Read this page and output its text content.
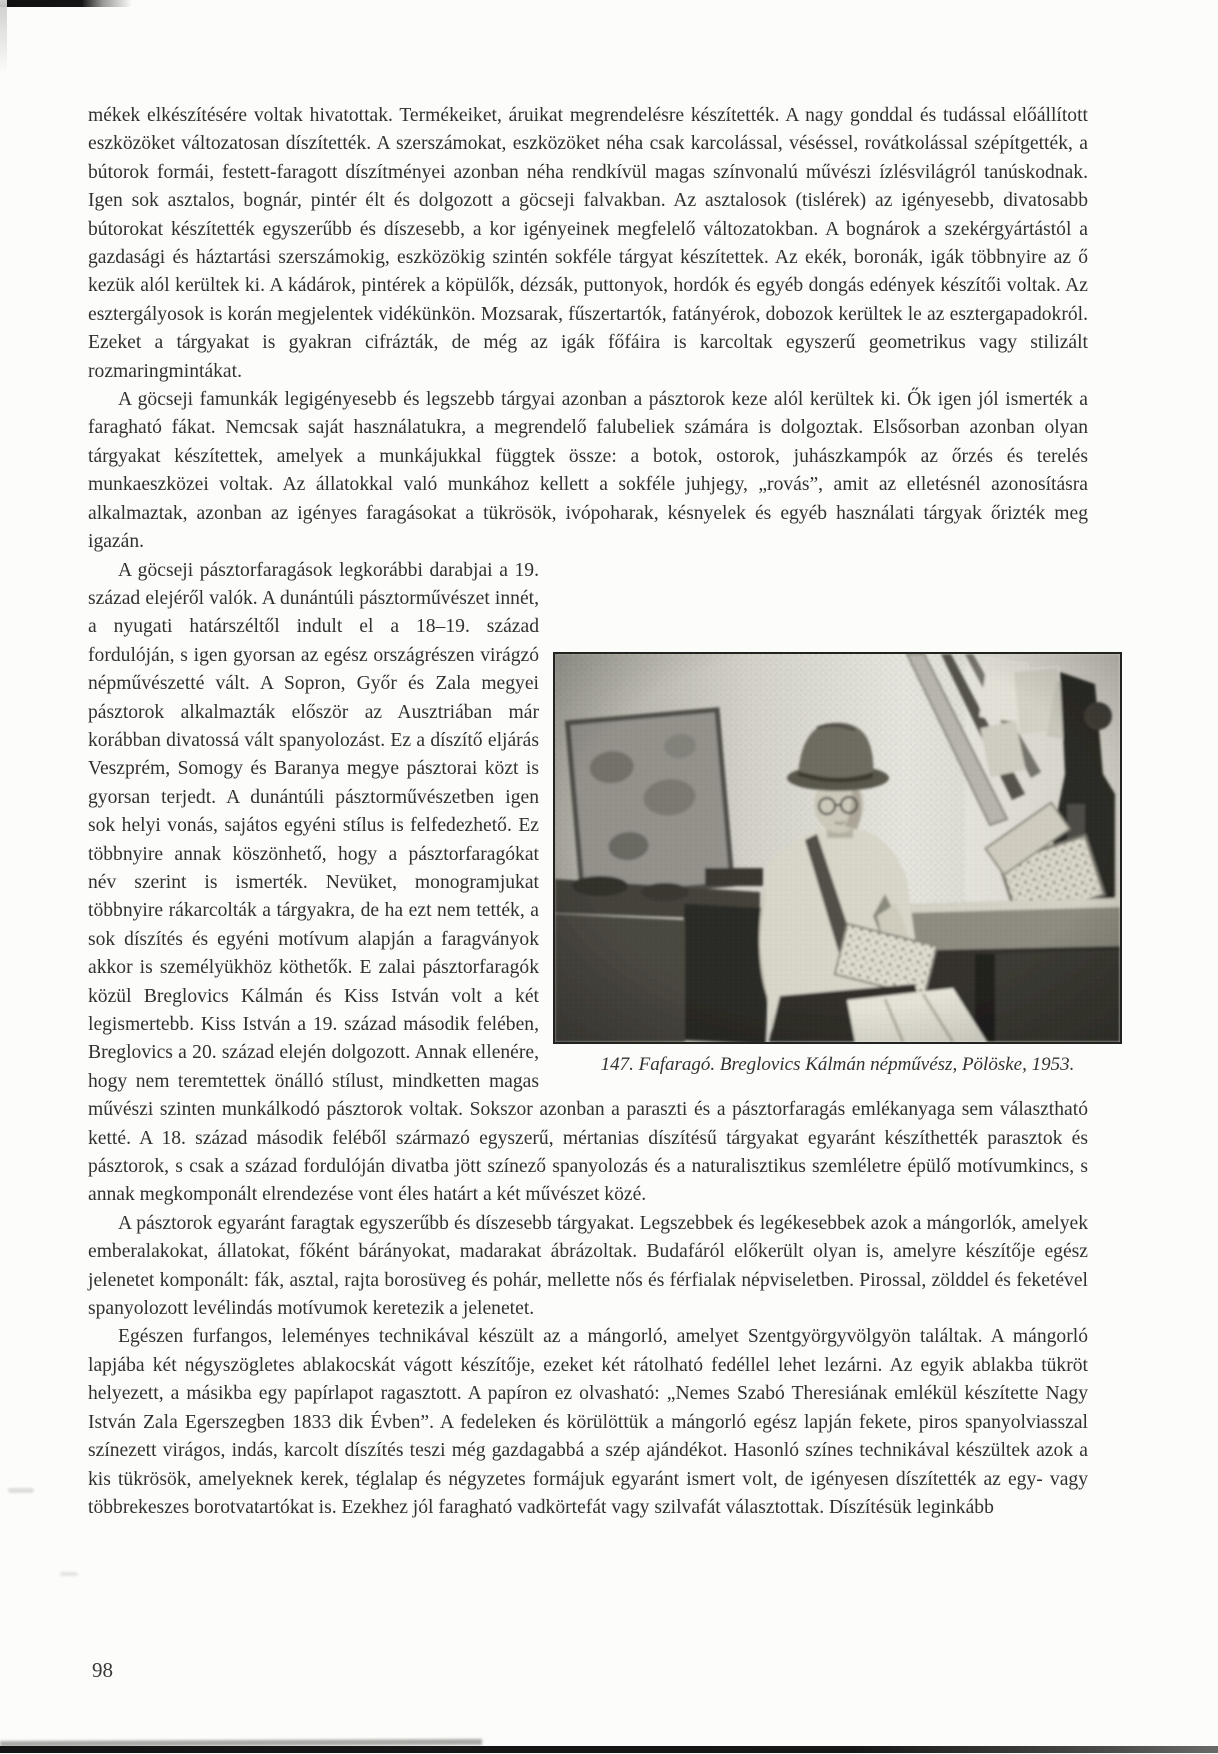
mékek elkészítésére voltak hivatottak. Termékeiket, áruikat megrendelésre készítették. A nagy gonddal és tudással előállított eszközöket változatosan díszítették. A szerszámokat, eszközöket néha csak karcolással, véséssel, rovátkolással szépítgették, a bútorok formái, festett-faragott díszítményei azonban néha rendkívül magas színvonalú művészi ízlésvilágról tanúskodnak. Igen sok asztalos, bognár, pintér élt és dolgozott a göcseji falvakban. Az asztalosok (tislérek) az igényesebb, divatosabb bútorokat készítették egyszerűbb és díszesebb, a kor igényeinek megfelelő változatokban. A bognárok a szekérgyártástól a gazdasági és háztartási szerszámokig, eszközökig szintén sokféle tárgyat készítettek. Az ekék, boronák, igák többnyire az ő kezük alól kerültek ki. A kádárok, pintérek a köpülők, dézsák, puttonyok, hordók és egyéb dongás edények készítői voltak. Az esztergályosok is korán megjelentek vidékünkön. Mozsarak, fűszertartók, fatányérok, dobozok kerültek le az esztergapadokról. Ezeket a tárgyakat is gyakran cifrázták, de még az igák főfáira is karcoltak egyszerű geometrikus vagy stilizált rozmaringmintákat.

A göcseji famunkák legigényesebb és legszebb tárgyai azonban a pásztorok keze alól kerültek ki. Ők igen jól ismerték a faragható fákat. Nemcsak saját használatukra, a megrendelő falubeliek számára is dolgoztak. Elsősorban azonban olyan tárgyakat készítettek, amelyek a munkájukkal függtek össze: a botok, ostorok, juhászkampók az őrzés és terelés munkaeszközei voltak. Az állatokkal való munkához kellett a sokféle juhjegy, „rovás”, amit az elletésnél azonosításra alkalmaztak, azonban az igényes faragásokat a tükrösök, ivópoharak, késnyelek és egyéb használati tárgyak őrizték meg igazán.

147. Fafaragó. Breglovics Kálmán népművész, Pölöske, 1953.

A göcseji pásztorfaragások legkorábbi darabjai a 19. század elejéről valók. A dunántúli pásztorművészet innét, a nyugati határszéltől indult el a 18–19. század fordulóján, s igen gyorsan az egész országrészen virágzó népművészetté vált. A Sopron, Győr és Zala megyei pásztorok alkalmazták először az Ausztriában már korábban divatossá vált spanyolozást. Ez a díszítő eljárás Veszprém, Somogy és Baranya megye pásztorai közt is gyorsan terjedt. A dunántúli pásztorművészetben igen sok helyi vonás, sajátos egyéni stílus is felfedezhető. Ez többnyire annak köszönhető, hogy a pásztorfaragókat név szerint is ismerték. Nevüket, monogramjukat többnyire rákarcolták a tárgyakra, de ha ezt nem tették, a sok díszítés és egyéni motívum alapján a faragványok akkor is személyükhöz köthetők. E zalai pásztorfaragók közül Breglovics Kálmán és Kiss István volt a két legismertebb. Kiss István a 19. század második felében, Breglovics a 20. század elején dolgozott. Annak ellenére, hogy nem teremtettek önálló stílust, mindketten magas művészi szinten munkálkodó pásztorok voltak. Sokszor azonban a paraszti és a pásztorfaragás emlékanyaga sem választható ketté. A 18. század második feléből származó egyszerű, mértanias díszítésű tárgyakat egyaránt készíthették parasztok és pásztorok, s csak a század fordulóján divatba jött színező spanyolozás és a naturalisztikus szemléletre épülő motívumkincs, s annak megkomponált elrendezése vont éles határt a két művészet közé.

A pásztorok egyaránt faragtak egyszerűbb és díszesebb tárgyakat. Legszebbek és legékesebbek azok a mángorlók, amelyek emberalakokat, állatokat, főként bárányokat, madarakat ábrázoltak. Budafáról előkerült olyan is, amelyre készítője egész jelenetet komponált: fák, asztal, rajta borosüveg és pohár, mellette nős és férfialak népviseletben. Pirossal, zölddel és feketével spanyolozott levélindás motívumok keretezik a jelenetet.

Egészen furfangos, leleményes technikával készült az a mángorló, amelyet Szentgyörgyvölgyön találtak. A mángorló lapjába két négyszögletes ablakocskát vágott készítője, ezeket két rátolható fedéllel lehet lezárni. Az egyik ablakba tükröt helyezett, a másikba egy papírlapot ragasztott. A papíron ez olvasható: „Nemes Szabó Theresiának emlékül készítette Nagy István Zala Egerszegben 1833 dik Évben”. A fedeleken és körülöttük a mángorló egész lapján fekete, piros spanyolviasszal színezett virágos, indás, karcolt díszítés teszi még gazdagabbá a szép ajándékot. Hasonló színes technikával készültek azok a kis tükrösök, amelyeknek kerek, téglalap és négyzetes formájuk egyaránt ismert volt, de igényesen díszítették az egy- vagy többrekeszes borotvatartókat is. Ezekhez jól faragható vadkörtefát vagy szilvafát választottak. Díszítésük leginkább

98
